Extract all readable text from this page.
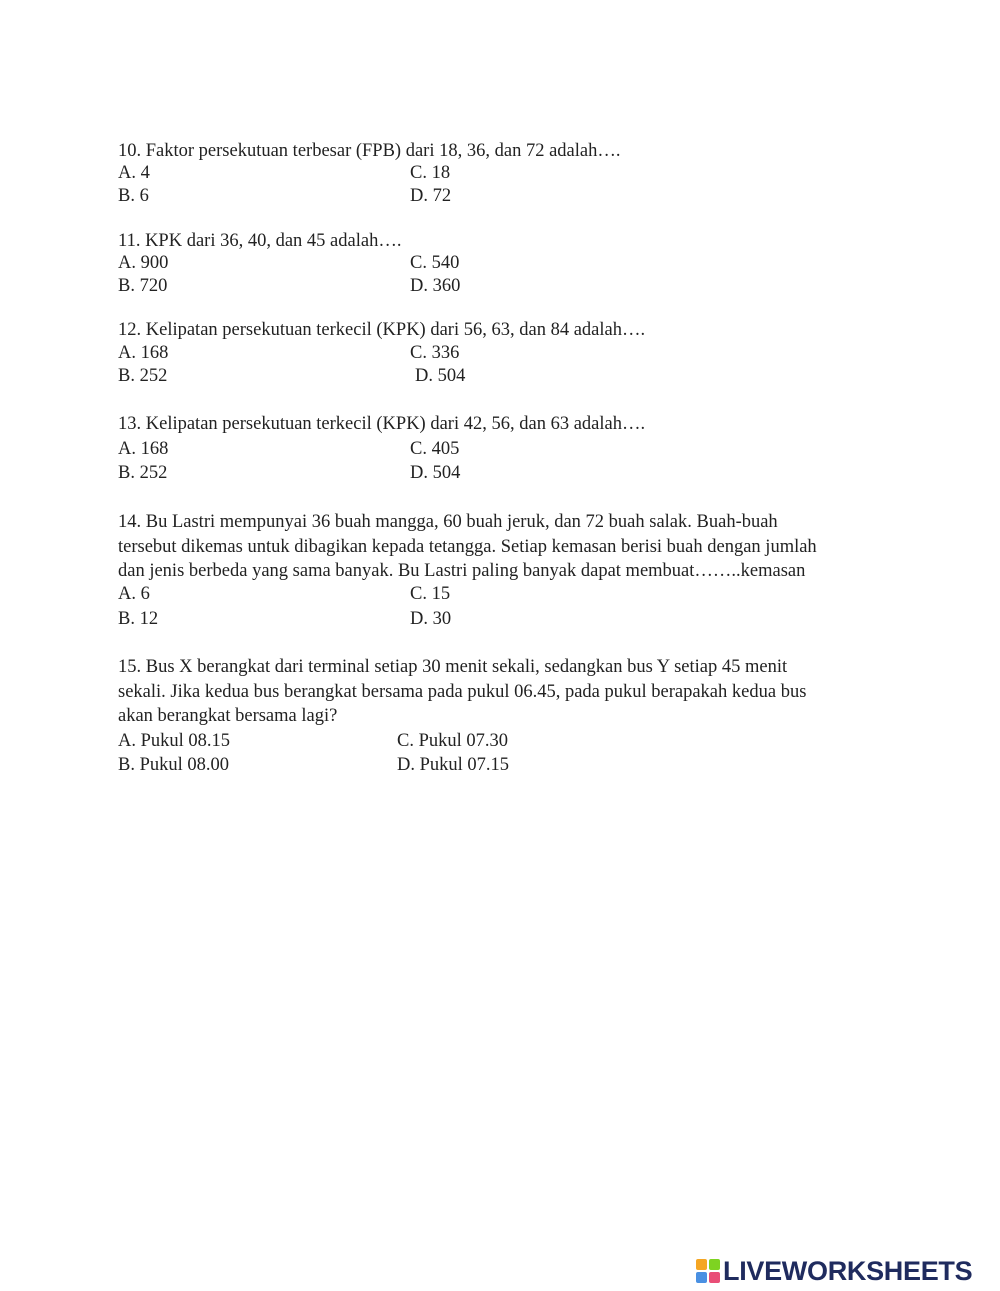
10. Faktor persekutuan terbesar (FPB) dari 18, 36, dan 72 adalah….
A. 4	C. 18
B. 6	D. 72
11. KPK dari 36, 40, dan 45 adalah….
A. 900	C. 540
B. 720	D. 360
12. Kelipatan persekutuan terkecil (KPK) dari 56, 63, dan 84 adalah….
A. 168	C. 336
B. 252	D. 504
13. Kelipatan persekutuan terkecil (KPK) dari 42, 56, dan 63 adalah….
A. 168	C. 405
B. 252	D. 504
14. Bu Lastri mempunyai 36 buah mangga, 60 buah jeruk, dan 72 buah salak. Buah-buah
tersebut dikemas untuk dibagikan kepada tetangga. Setiap kemasan berisi buah dengan jumlah
dan jenis berbeda yang sama banyak. Bu Lastri paling banyak dapat membuat……..kemasan
A. 6	C. 15
B. 12	D. 30
15. Bus X berangkat dari terminal setiap 30 menit sekali, sedangkan bus Y setiap 45 menit
sekali. Jika kedua bus berangkat bersama pada pukul 06.45, pada pukul berapakah kedua bus
akan berangkat bersama lagi?
A. Pukul 08.15	C. Pukul 07.30
B. Pukul 08.00	D. Pukul 07.15
LIVEWORKSHEETS
